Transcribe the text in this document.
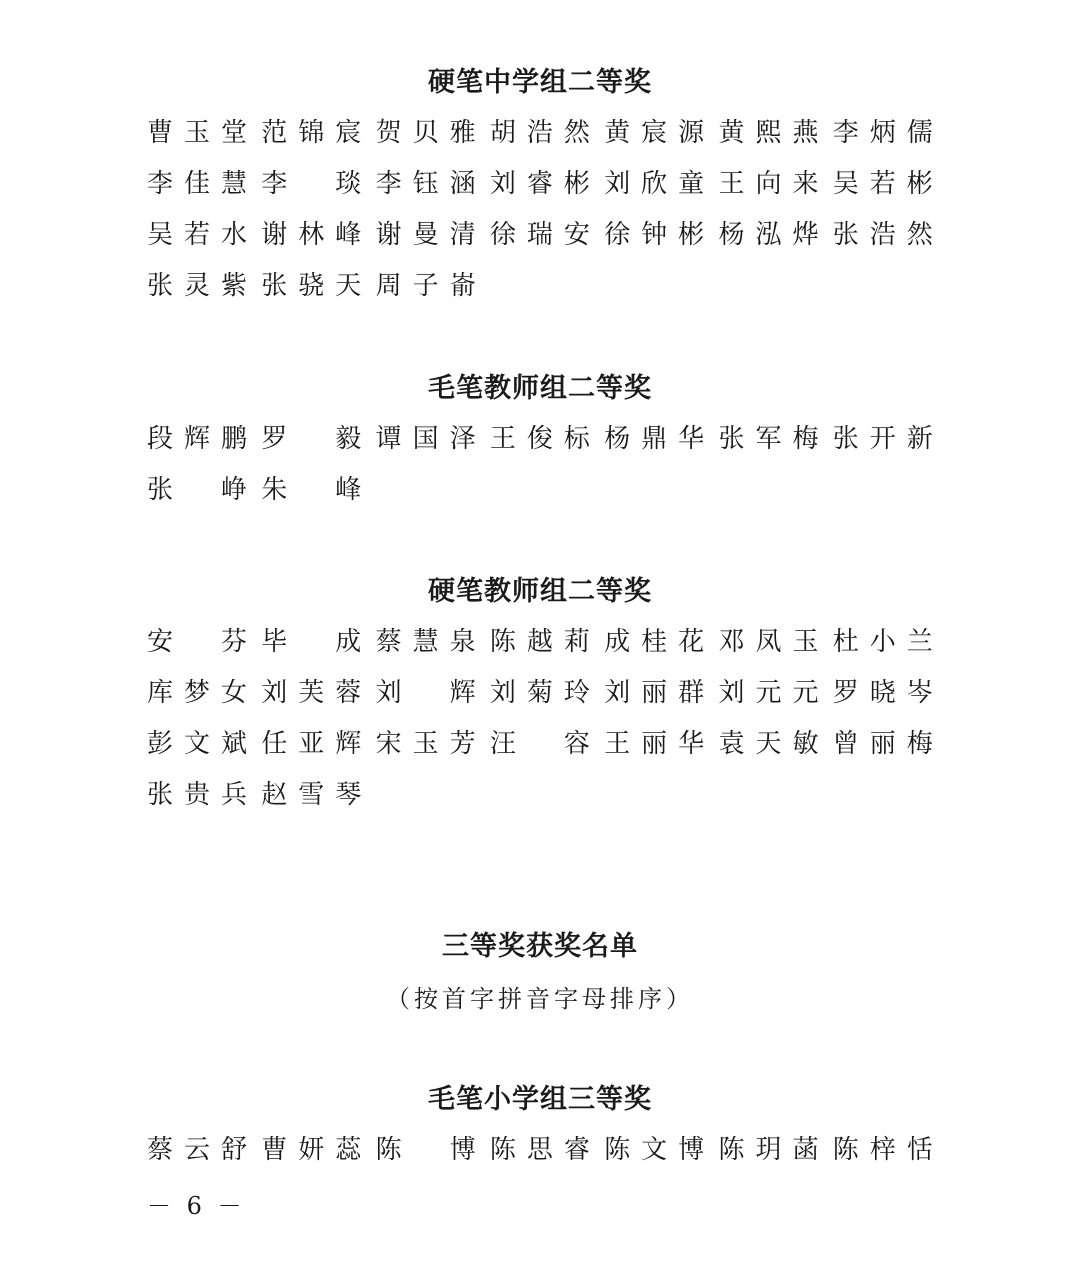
硬笔中学组二等奖
曹 玉 堂 范 锦 宸 贺 贝 雅 胡 浩 然 黄 宸 源 黄 熙 燕 李 炳 儒
李 佳 慧 李 琰 李 钰 涵 刘 睿 彬 刘 欣 童 王 向 来 吴 若 彬
吴 若 水 谢 林 峰 谢 曼 清 徐 瑞 安 徐 钟 彬 杨 泓 烨 张 浩 然
张 灵 紫 张 骁 天 周 子 嵛
毛笔教师组二等奖
段 辉 鹏 罗 毅 谭 国 泽 王 俊 标 杨 鼎 华 张 军 梅 张 开 新
张 峥 朱 峰
硬笔教师组二等奖
安 芬 毕 成 蔡 慧 泉 陈 越 莉 成 桂 花 邓 凤 玉 杜 小 兰
库 梦 女 刘 芙 蓉 刘 辉 刘 菊 玲 刘 丽 群 刘 元 元 罗 晓 岑
彭 文 斌 任 亚 辉 宋 玉 芳 汪 容 王 丽 华 袁 天 敏 曾 丽 梅
张 贵 兵 赵 雪 琴
三等奖获奖名单

（按首字拼音字母排序）

毛笔小学组三等奖
蔡 云 舒 曹 妍 蕊 陈 博 陈 思 睿 陈 文 博 陈 玥 菡 陈 梓 恬

－ 6 －
